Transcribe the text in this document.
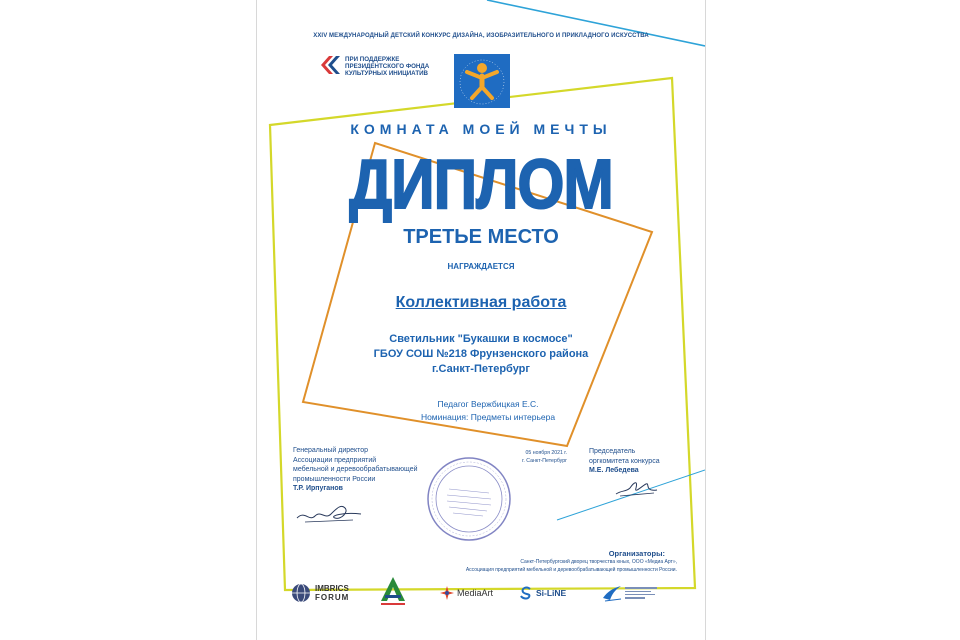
XXIV МЕЖДУНАРОДНЫЙ ДЕТСКИЙ КОНКУРС ДИЗАЙНА, ИЗОБРАЗИТЕЛЬНОГО И ПРИКЛАДНОГО ИСКУССТВА
ПРИ ПОДДЕРЖКЕ
ПРЕЗИДЕНТСКОГО ФОНДА
КУЛЬТУРНЫХ ИНИЦИАТИВ
КОМНАТА МОЕЙ МЕЧТЫ
ДИПЛОМ
ТРЕТЬЕ МЕСТО
НАГРАЖДАЕТСЯ
Коллективная работа
Светильник "Букашки в космосе"
ГБОУ СОШ №218 Фрунзенского района
г.Санкт-Петербург
Педагог Вержбицкая Е.С.
Номинация: Предметы интерьера
Генеральный директор
Ассоциации предприятий
мебельной и деревообрабатывающей
промышленности России
Т.Р. Ирпуганов
05 ноября 2021 г.
г. Санкт-Петербург
Председатель
оргкомитета конкурса
М.Е. Лебедева
Организаторы:
Санкт-Петербургский дворец творчества юных, ООО «Медиа Арт»,
Ассоциация предприятий мебельной и деревообрабатывающей промышленности России.
IMBRICS
FORUM	MediaArt	Si-LiNE
